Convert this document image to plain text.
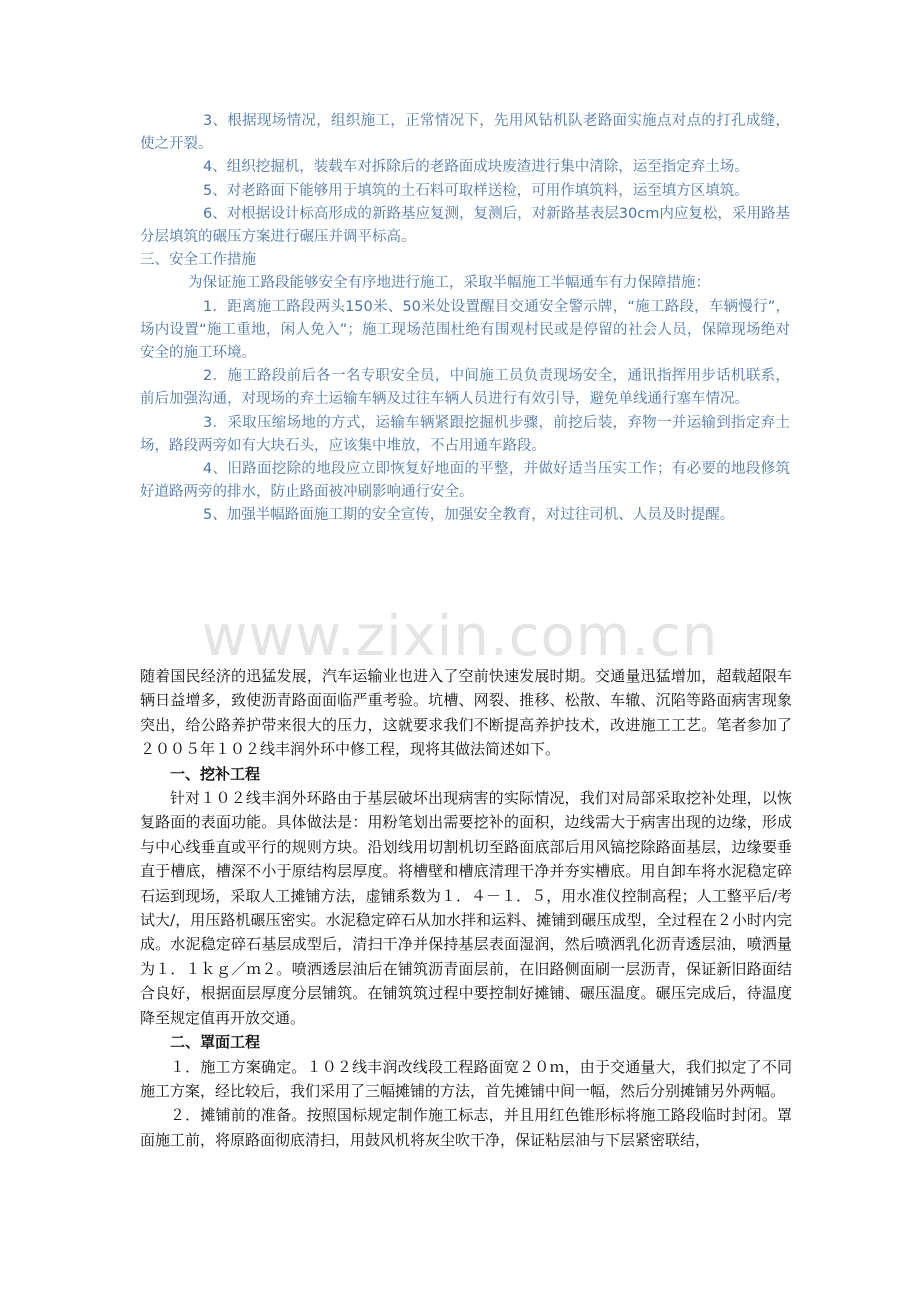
3、根据现场情况，组织施工，正常情况下，先用风钻机队老路面实施点对点的打孔成缝，使之开裂。

4、组织挖掘机，装载车对拆除后的老路面成块废渣进行集中清除，运至指定弃土场。

5、对老路面下能够用于填筑的土石料可取样送检，可用作填筑料，运至填方区填筑。

6、对根据设计标高形成的新路基应复测，复测后，对新路基表层30cm内应复松，采用路基分层填筑的碾压方案进行碾压并调平标高。

三、安全工作措施

为保证施工路段能够安全有序地进行施工，采取半幅施工半幅通车有力保障措施：

1．距离施工路段两头150米、50米处设置醒目交通安全警示牌，“施工路段，车辆慢行”，场内设置“施工重地，闲人免入”；施工现场范围杜绝有围观村民或是停留的社会人员，保障现场绝对安全的施工环境。

2．施工路段前后各一名专职安全员，中间施工员负责现场安全，通讯指挥用步话机联系，前后加强沟通，对现场的弃土运输车辆及过往车辆人员进行有效引导，避免单线通行塞车情况。

3．采取压缩场地的方式，运输车辆紧跟挖掘机步骤，前挖后装，弃物一并运输到指定弃土场，路段两旁如有大块石头，应该集中堆放，不占用通车路段。

4、旧路面挖除的地段应立即恢复好地面的平整，并做好适当压实工作；有必要的地段修筑好道路两旁的排水，防止路面被冲刷影响通行安全。

5、加强半幅路面施工期的安全宣传，加强安全教育，对过往司机、人员及时提醒。

www.zixin.com.cn

随着国民经济的迅猛发展，汽车运输业也进入了空前快速发展时期。交通量迅猛增加，超载超限车辆日益增多，致使沥青路面面临严重考验。坑槽、网裂、推移、松散、车辙、沉陷等路面病害现象突出，给公路养护带来很大的压力，这就要求我们不断提高养护技术，改进施工工艺。笔者参加了２００５年１０２线丰润外环中修工程，现将其做法简述如下。

一、挖补工程

针对１０２线丰润外环路由于基层破坏出现病害的实际情况，我们对局部采取挖补处理，以恢复路面的表面功能。具体做法是：用粉笔划出需要挖补的面积，边线需大于病害出现的边缘，形成与中心线垂直或平行的规则方块。沿划线用切割机切至路面底部后用风镐挖除路面基层，边缘要垂直于槽底，槽深不小于原结构层厚度。将槽壁和槽底清理干净并夯实槽底。用自卸车将水泥稳定碎石运到现场，采取人工摊铺方法，虚铺系数为１．４－１．５，用水准仪控制高程；人工整平后/考试大/，用压路机碾压密实。水泥稳定碎石从加水拌和运料、摊铺到碾压成型，全过程在２小时内完成。水泥稳定碎石基层成型后，清扫干净并保持基层表面湿润，然后喷洒乳化沥青透层油，喷洒量为１．１ｋｇ／ｍ２。喷洒透层油后在铺筑沥青面层前，在旧路侧面刷一层沥青，保证新旧路面结合良好，根据面层厚度分层铺筑。在铺筑筑过程中要控制好摊铺、碾压温度。碾压完成后，待温度降至规定值再开放交通。

二、罩面工程

１．施工方案确定。１０２线丰润改线段工程路面宽２０ｍ，由于交通量大，我们拟定了不同施工方案，经比较后，我们采用了三幅摊铺的方法，首先摊铺中间一幅，然后分别摊铺另外两幅。

２．摊铺前的准备。按照国标规定制作施工标志，并且用红色锥形标将施工路段临时封闭。罩面施工前，将原路面彻底清扫，用鼓风机将灰尘吹干净，保证粘层油与下层紧密联结，
